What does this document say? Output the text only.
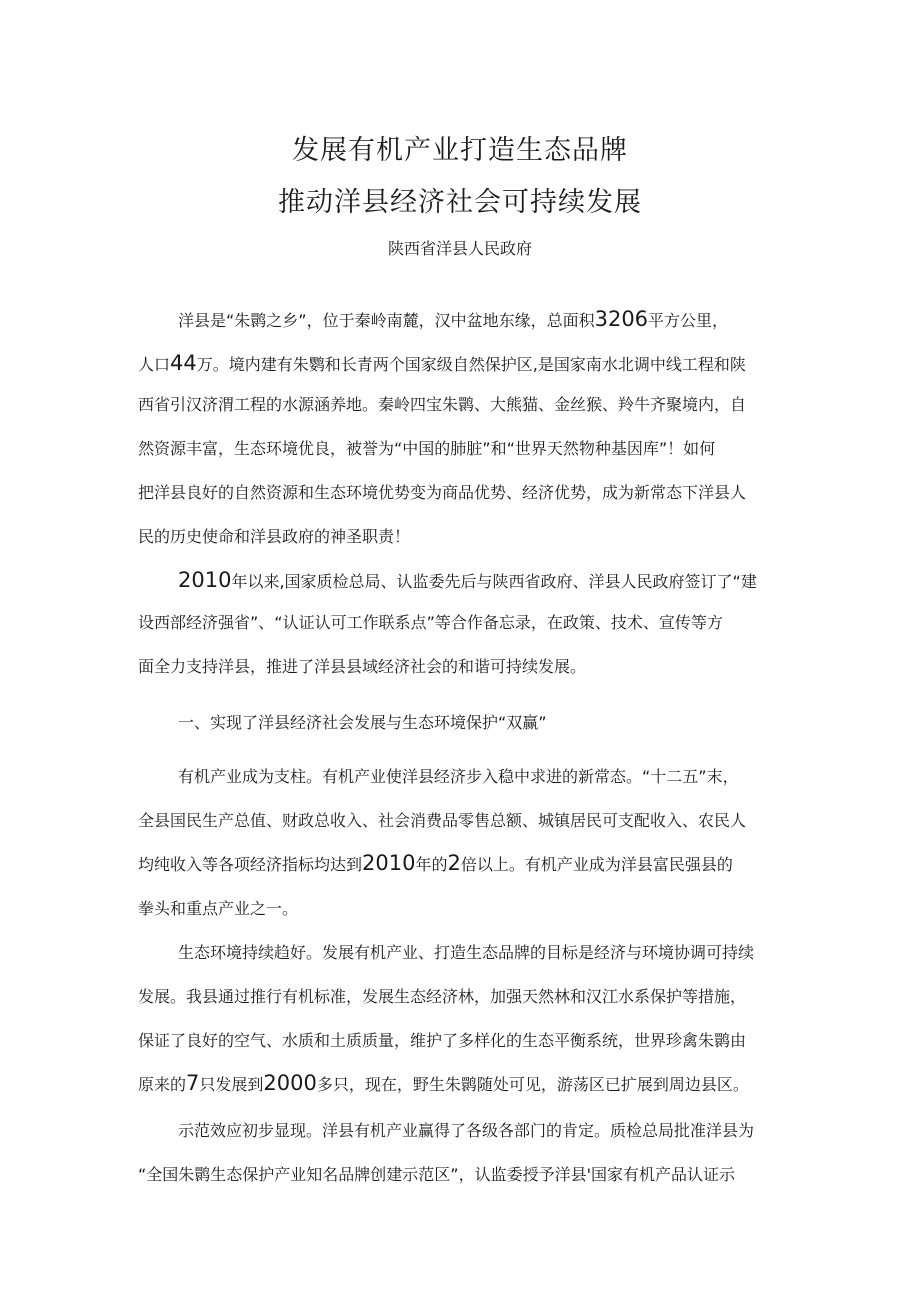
发展有机产业打造生态品牌
推动洋县经济社会可持续发展
陕西省洋县人民政府
洋县是“朱鹮之乡”，位于秦岭南麓，汉中盆地东缘，总面积3206平方公里，
人口44万。境内建有朱鹦和长青两个国家级自然保护区,是国家南水北调中线工程和陕
西省引汉济渭工程的水源涵养地。秦岭四宝朱鹮、大熊猫、金丝猴、羚牛齐聚境内，自
然资源丰富，生态环境优良，被誉为“中国的肺脏”和“世界天然物种基因库”！如何
把洋县良好的自然资源和生态环境优势变为商品优势、经济优势，成为新常态下洋县人
民的历史使命和洋县政府的神圣职责！
2010年以来,国家质检总局、认监委先后与陕西省政府、洋县人民政府签订了“建
设西部经济强省”、“认证认可工作联系点”等合作备忘录，在政策、技术、宣传等方
面全力支持洋县，推进了洋县县域经济社会的和谐可持续发展。
一、实现了洋县经济社会发展与生态环境保护“双赢”
有机产业成为支柱。有机产业使洋县经济步入稳中求进的新常态。“十二五”末，
全县国民生产总值、财政总收入、社会消费品零售总额、城镇居民可支配收入、农民人
均纯收入等各项经济指标均达到2010年的2倍以上。有机产业成为洋县富民强县的
拳头和重点产业之一。
生态环境持续趋好。发展有机产业、打造生态品牌的目标是经济与环境协调可持续
发展。我县通过推行有机标准，发展生态经济林，加强天然林和汉江水系保护等措施，
保证了良好的空气、水质和土质质量，维护了多样化的生态平衡系统，世界珍禽朱鹮由
原来的7只发展到2000多只，现在，野生朱鹮随处可见，游荡区已扩展到周边县区。
示范效应初步显现。洋县有机产业赢得了各级各部门的肯定。质检总局批准洋县为
“全国朱鹮生态保护产业知名品牌创建示范区”，认监委授予洋县'国家有机产品认证示
